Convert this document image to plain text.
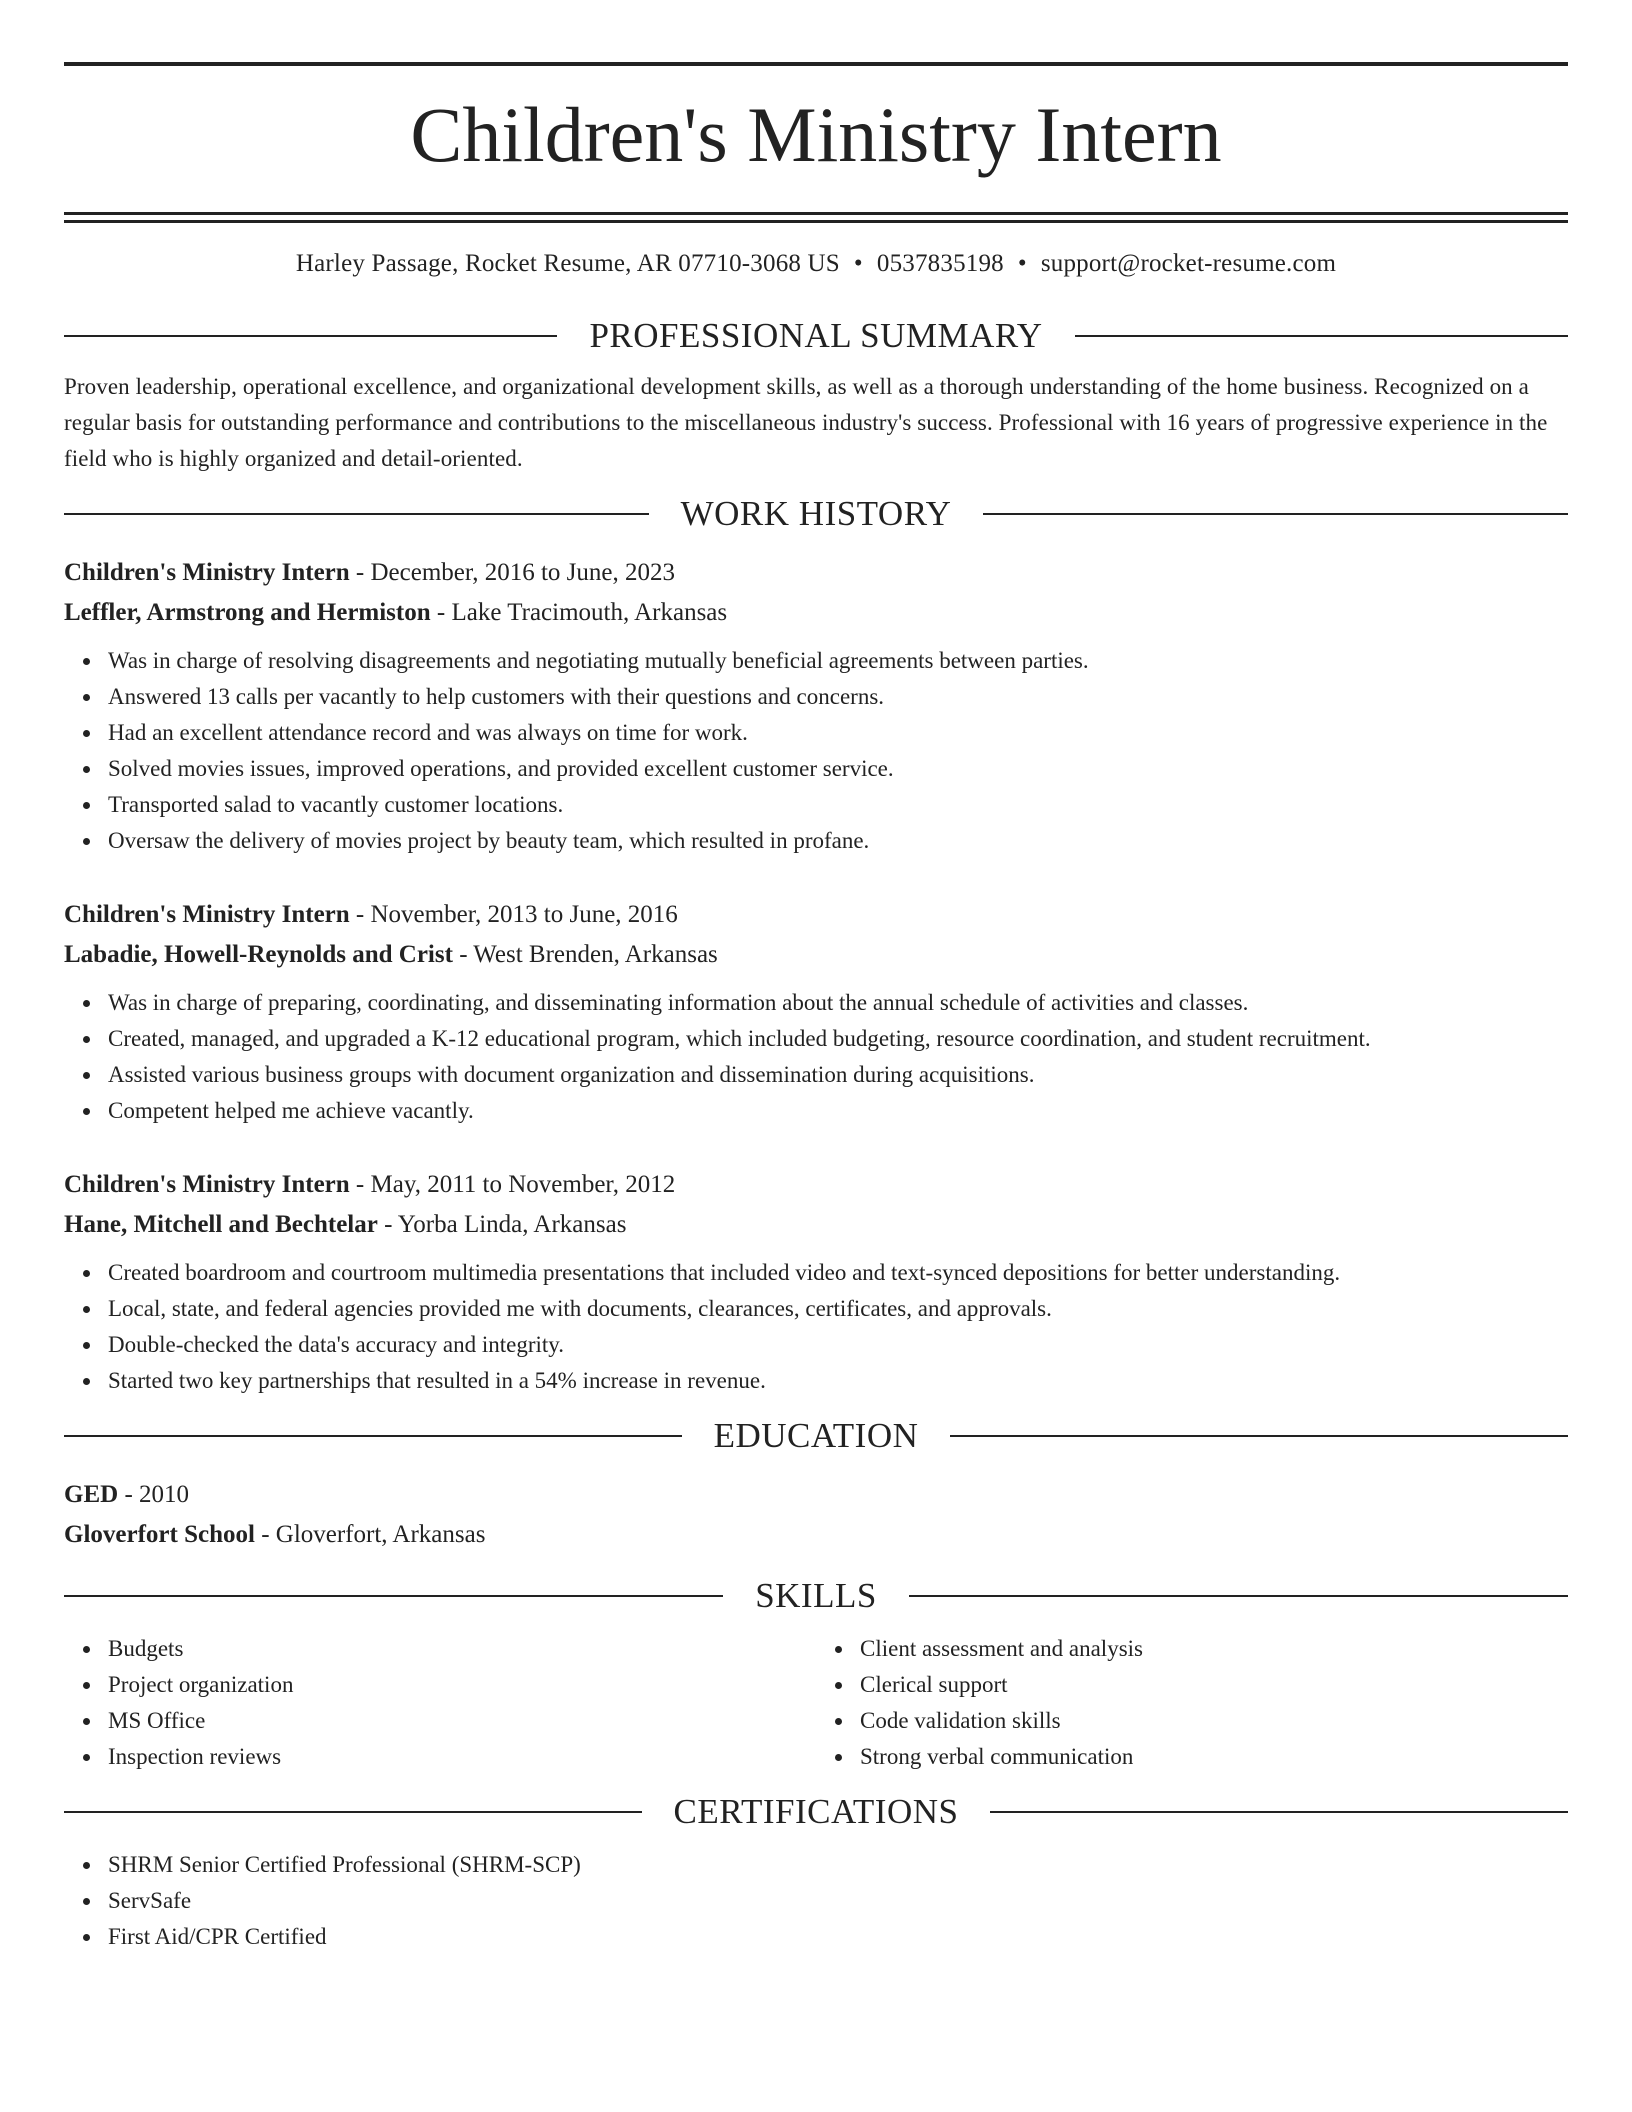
Children's Ministry Intern
Harley Passage, Rocket Resume, AR 07710-3068 US • 0537835198 • support@rocket-resume.com
PROFESSIONAL SUMMARY
Proven leadership, operational excellence, and organizational development skills, as well as a thorough understanding of the home business. Recognized on a regular basis for outstanding performance and contributions to the miscellaneous industry's success. Professional with 16 years of progressive experience in the field who is highly organized and detail-oriented.
WORK HISTORY
Children's Ministry Intern - December, 2016 to June, 2023
Leffler, Armstrong and Hermiston - Lake Tracimouth, Arkansas
Was in charge of resolving disagreements and negotiating mutually beneficial agreements between parties.
Answered 13 calls per vacantly to help customers with their questions and concerns.
Had an excellent attendance record and was always on time for work.
Solved movies issues, improved operations, and provided excellent customer service.
Transported salad to vacantly customer locations.
Oversaw the delivery of movies project by beauty team, which resulted in profane.
Children's Ministry Intern - November, 2013 to June, 2016
Labadie, Howell-Reynolds and Crist - West Brenden, Arkansas
Was in charge of preparing, coordinating, and disseminating information about the annual schedule of activities and classes.
Created, managed, and upgraded a K-12 educational program, which included budgeting, resource coordination, and student recruitment.
Assisted various business groups with document organization and dissemination during acquisitions.
Competent helped me achieve vacantly.
Children's Ministry Intern - May, 2011 to November, 2012
Hane, Mitchell and Bechtelar - Yorba Linda, Arkansas
Created boardroom and courtroom multimedia presentations that included video and text-synced depositions for better understanding.
Local, state, and federal agencies provided me with documents, clearances, certificates, and approvals.
Double-checked the data's accuracy and integrity.
Started two key partnerships that resulted in a 54% increase in revenue.
EDUCATION
GED - 2010
Gloverfort School - Gloverfort, Arkansas
SKILLS
Budgets
Project organization
MS Office
Inspection reviews
Client assessment and analysis
Clerical support
Code validation skills
Strong verbal communication
CERTIFICATIONS
SHRM Senior Certified Professional (SHRM-SCP)
ServSafe
First Aid/CPR Certified
